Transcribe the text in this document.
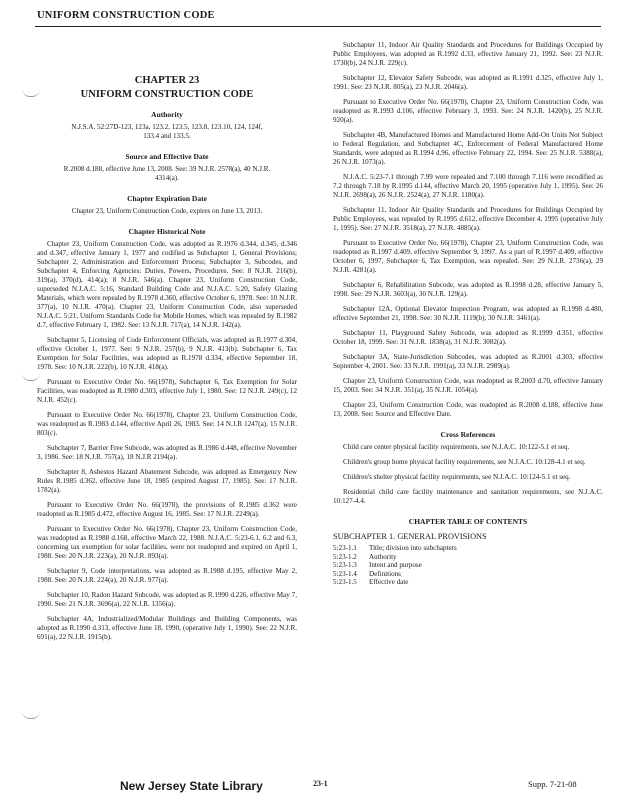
UNIFORM CONSTRUCTION CODE
CHAPTER 23
UNIFORM CONSTRUCTION CODE
Authority

N.J.S.A. 52:27D-123, 123a, 123.2, 123.5, 123.8, 123.10, 124, 124f, 133.4 and 133.5.

Source and Effective Date

R.2008 d.188, effective June 13, 2008. See: 39 N.J.R. 2578(a), 40 N.J.R. 4314(a).

Chapter Expiration Date

Chapter 23, Uniform Construction Code, expires on June 13, 2013.

Chapter Historical Note

Chapter 23, Uniform Construction Code, was adopted as R.1976 d.344, d.345, d.346 and d.347, effective January 1, 1977 and codified as Subchapter 1, General Provisions; Subchapter 2, Administration and Enforcement Process; Subchapter 3, Subcodes, and Subchapter 4, Enforcing Agencies: Duties, Powers, Procedures. See: 8 N.J.R. 216(b), 319(a), 370(d), 414(a); 8 N.J.R. 546(a). Chapter 23, Uniform Construction Code, superseded N.J.A.C. 5:16, Standard Building Code and N.J.A.C. 5:20, Safety Glazing Materials, which were repealed by R.1978 d.360, effective October 6, 1978. See: 10 N.J.R. 377(a), 10 N.J.R. 470(a). Chapter 23, Uniform Construction Code, also superseded N.J.A.C. 5:21, Uniform Standards Code for Mobile Homes, which was repealed by R.1982 d.7, effective February 1, 1982. See: 13 N.J.R. 717(a), 14 N.J.R. 142(a).

Subchapter 5, Licensing of Code Enforcement Officials, was adopted as R.1977 d.304, effective October 1, 1977. See: 9 N.J.R. 257(b), 9 N.J.R. 413(b). Subchapter 6, Tax Exemption for Solar Facilities, was adopted as R.1978 d.334, effective September 18, 1978. See: 10 N.J.R. 222(b), 10 N.J.R. 418(a).

Pursuant to Executive Order No. 66(1978), Subchapter 6, Tax Exemption for Solar Facilities, was readopted as R.1980 d.303, effective July 1, 1980. See: 12 N.J.R. 249(c), 12 N.J.R. 452(c).

Pursuant to Executive Order No. 66(1978), Chapter 23, Uniform Construction Code, was readopted as R.1983 d.144, effective April 26, 1983. See: 14 N.J.R 1247(a), 15 N.J.R. 803(c).

Subchapter 7, Barrier Free Subcode, was adopted as R.1986 d.448, effective November 3, 1986. See: 18 N.J.R. 757(a), 18 N.J.R 2194(a).

Subchapter 8, Asbestos Hazard Abatement Subcode, was adopted as Emergency New Rules R.1985 d.362, effective June 18, 1985 (expired August 17, 1985). See: 17 N.J.R. 1782(a).

Pursuant to Executive Order No. 66(1978), the provisions of R.1985 d.362 were readopted as R.1985 d.472, effective August 16, 1985. See: 17 N.J.R. 2249(a).

Pursuant to Executive Order No. 66(1978), Chapter 23, Uniform Construction Code, was readopted as R.1988 d.168, effective March 22, 1988. N.J.A.C. 5:23-6.1, 6.2 and 6.3, concerning tax exemption for solar facilities, were not readopted and expired on April 1, 1988. See: 20 N.J.R. 223(a), 20 N.J.R. 893(a).

Subchapter 9, Code interpretations, was adopted as R.1988 d.195, effective May 2, 1988. See: 20 N.J.R. 224(a), 20 N.J.R. 977(a).

Subchapter 10, Radon Hazard Subcode, was adopted as R.1990 d.226, effective May 7, 1990. See: 21 N.J.R. 3696(a), 22 N.J.R. 1356(a).

Subchapter 4A, Industrialized/Modular Buildings and Building Components, was adopted as R.1990 d.313, effective June 18, 1990, (operative July 1, 1990). See: 22 N.J.R. 691(a), 22 N.J.R. 1915(b).

Subchapter 11, Indoor Air Quality Standards and Procedures for Buildings Occupied by Public Employees, was adopted as R.1992 d.33, effective January 21, 1992. See: 23 N.J.R. 1730(b), 24 N.J.R. 229(c).

Subchapter 12, Elevator Safety Subcode, was adopted as R.1991 d.325, effective July 1, 1991. See: 23 N.J.R. 805(a), 23 N.J.R. 2046(a).

Pursuant to Executive Order No. 66(1978), Chapter 23, Uniform Construction Code, was readopted as R.1993 d.106, effective February 3, 1993. See: 24 N.J.R. 1420(b), 25 N.J.R. 920(a).

Subchapter 4B, Manufactured Homes and Manufactured Home Add-On Units Not Subject to Federal Regulation, and Subchapter 4C, Enforcement of Federal Manufactured Home Standards, were adopted as R.1994 d.96, effective February 22, 1994. See: 25 N.J.R. 5388(a), 26 N.J.R. 1073(a).

N.J.A.C. 5:23-7.1 through 7.99 were repealed and 7.100 through 7.116 were recodified as 7.2 through 7.18 by R.1995 d.144, effective March 20, 1995 (operative July 1, 1995). See: 26 N.J.R. 2698(a), 26 N.J.R. 2524(a), 27 N.J.R. 1180(a).

Subchapter 11, Indoor Air Quality Standards and Procedures for Buildings Occupied by Public Employees, was repealed by R.1995 d.612, effective December 4, 1995 (operative July 1, 1995). See: 27 N.J.R. 3518(a), 27 N.J.R. 4885(a).

Pursuant to Executive Order No. 66(1978), Chapter 23, Uniform Construction Code, was readopted as R.1997 d.409, effective September 9, 1997. As a part of R.1997 d.409, effective October 6, 1997, Subchapter 6, Tax Exemption, was repealed. See: 29 N.J.R. 2736(a), 29 N.J.R. 4281(a).

Subchapter 6, Rehabilitation Subcode, was adopted as R.1998 d.28, effective January 5, 1998. See: 29 N.J.R. 3603(a), 30 N.J.R. 129(a).

Subchapter 12A, Optional Elevator Inspection Program, was adopted as R.1998 d.480, effective September 21, 1998. See: 30 N.J.R. 1119(b), 30 N.J.R. 3461(a).

Subchapter 11, Playground Safety Subcode, was adopted as R.1999 d.351, effective October 18, 1999. See: 31 N.J.R. 1838(a), 31 N.J.R. 3082(a).

Subchapter 3A, State-Jurisdiction Subcodes, was adopted as R.2001 d.303, effective September 4, 2001. See: 33 N.J.R. 1991(a), 33 N.J.R. 2989(a).

Chapter 23, Uniform Construction Code, was readopted as R.2003 d.70, effective January 15, 2003. See: 34 N.J.R. 351(a), 35 N.J.R. 1054(a).

Chapter 23, Uniform Construction Code, was readopted as R.2008 d.188, effective June 13, 2008. See: Source and Effective Date.

Cross References

Child care center physical facility requirements, see N.J.A.C. 10:122-5.1 et seq.

Children's group home physical facility requirements, see N.J.A.C. 10:128-4.1 et seq.

Children's shelter physical facility requirements, see N.J.A.C. 10:124-5.1 et seq.

Residential child care facility maintenance and sanitation requirements, see N.J.A.C. 10:127-4.4.

CHAPTER TABLE OF CONTENTS
SUBCHAPTER 1. GENERAL PROVISIONS
5:23-1.1	Title; division into subchapters
5:23-1.2	Authority
5:23-1.3	Intent and purpose
5:23-1.4	Definitions
5:23-1.5	Effective date
New Jersey State Library	23-1	Supp. 7-21-08
